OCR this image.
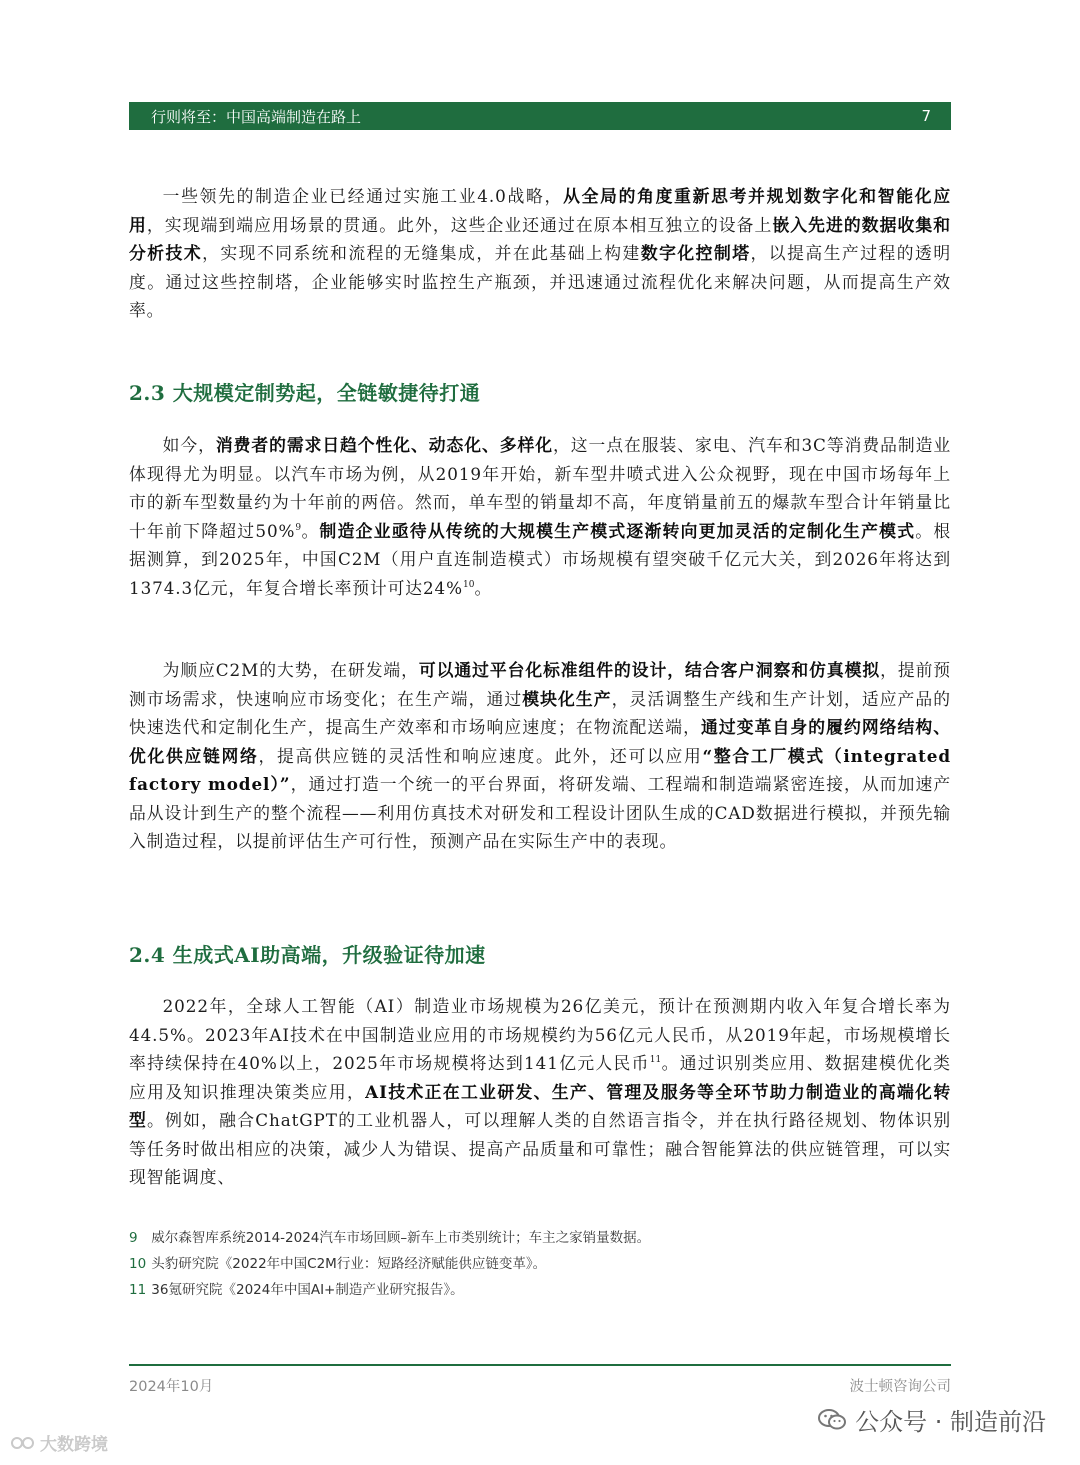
行则将至：中国高端制造在路上	7

一些领先的制造企业已经通过实施工业4.0战略，从全局的角度重新思考并规划数字化和智能化应用，实现端到端应用场景的贯通。此外，这些企业还通过在原本相互独立的设备上嵌入先进的数据收集和分析技术，实现不同系统和流程的无缝集成，并在此基础上构建数字化控制塔，以提高生产过程的透明度。通过这些控制塔，企业能够实时监控生产瓶颈，并迅速通过流程优化来解决问题，从而提高生产效率。

2.3 大规模定制势起，全链敏捷待打通

如今，消费者的需求日趋个性化、动态化、多样化，这一点在服装、家电、汽车和3C等消费品制造业体现得尤为明显。以汽车市场为例，从2019年开始，新车型井喷式进入公众视野，现在中国市场每年上市的新车型数量约为十年前的两倍。然而，单车型的销量却不高，年度销量前五的爆款车型合计年销量比十年前下降超过50%$^9$。制造企业亟待从传统的大规模生产模式逐渐转向更加灵活的定制化生产模式。根据测算，到2025年，中国C2M（用户直连制造模式）市场规模有望突破千亿元大关，到2026年将达到1374.3亿元，年复合增长率预计可达24%$^{10}$。

为顺应C2M的大势，在研发端，可以通过平台化标准组件的设计，结合客户洞察和仿真模拟，提前预测市场需求，快速响应市场变化；在生产端，通过模块化生产，灵活调整生产线和生产计划，适应产品的快速迭代和定制化生产，提高生产效率和市场响应速度；在物流配送端，通过变革自身的履约网络结构、优化供应链网络，提高供应链的灵活性和响应速度。此外，还可以应用“整合工厂模式（integrated factory model）”，通过打造一个统一的平台界面，将研发端、工程端和制造端紧密连接，从而加速产品从设计到生产的整个流程——利用仿真技术对研发和工程设计团队生成的CAD数据进行模拟，并预先输入制造过程，以提前评估生产可行性，预测产品在实际生产中的表现。

2.4 生成式AI助高端，升级验证待加速

2022年，全球人工智能（AI）制造业市场规模为26亿美元，预计在预测期内收入年复合增长率为44.5%。2023年AI技术在中国制造业应用的市场规模约为56亿元人民币，从2019年起，市场规模增长率持续保持在40%以上，2025年市场规模将达到141亿元人民币$^{11}$。通过识别类应用、数据建模优化类应用及知识推理决策类应用，AI技术正在工业研发、生产、管理及服务等全环节助力制造业的高端化转型。例如，融合ChatGPT的工业机器人，可以理解人类的自然语言指令，并在执行路径规划、物体识别等任务时做出相应的决策，减少人为错误、提高产品质量和可靠性；融合智能算法的供应链管理，可以实现智能调度、

9 威尔森智库系统2014-2024汽车市场回顾–新车上市类别统计；车主之家销量数据。
10 头豹研究院《2022年中国C2M行业：短路经济赋能供应链变革》。
11 36氪研究院《2024年中国AI+制造产业研究报告》。
2024年10月	波士顿咨询公司
大数跨境
公众号 · 制造前沿
